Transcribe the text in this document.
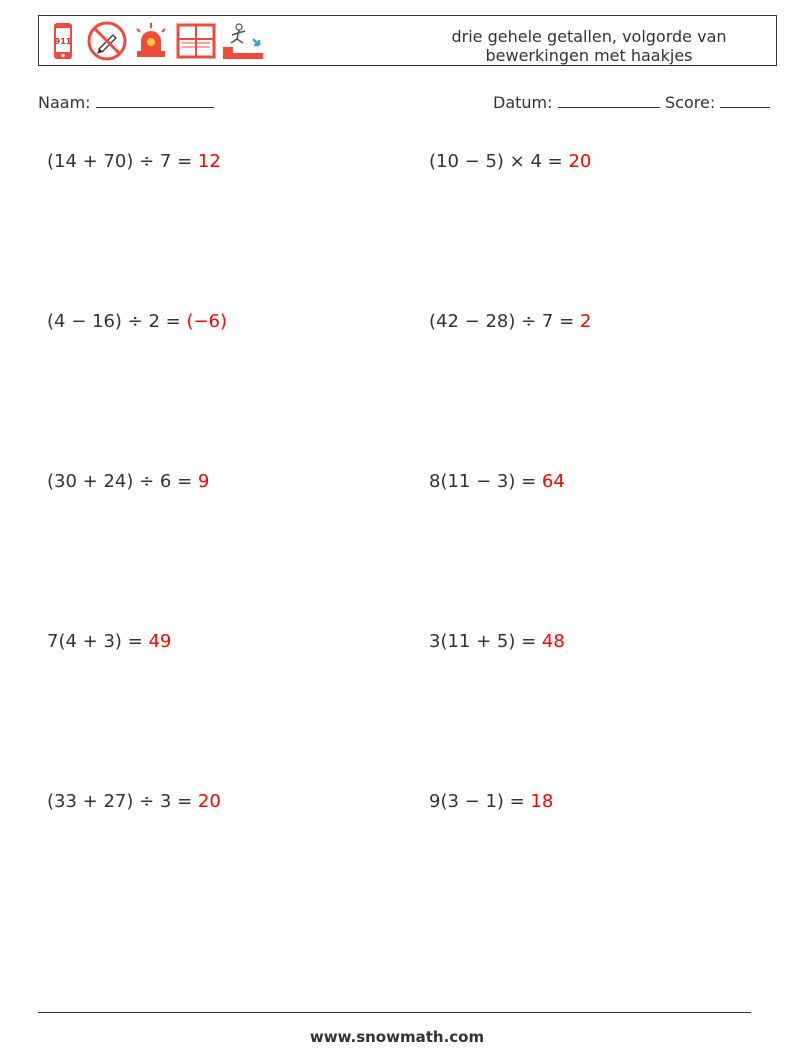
911	drie gehele getallen, volgorde van
bewerkingen met haakjes
Naam:	Datum:	Score:
(14 + 70) ÷ 7 = 12	(10 − 5) × 4 = 20
(4 − 16) ÷ 2 = (−6)	(42 − 28) ÷ 7 = 2
(30 + 24) ÷ 6 = 9	8(11 − 3) = 64
7(4 + 3) = 49	3(11 + 5) = 48
(33 + 27) ÷ 3 = 20	9(3 − 1) = 18
www.snowmath.com
